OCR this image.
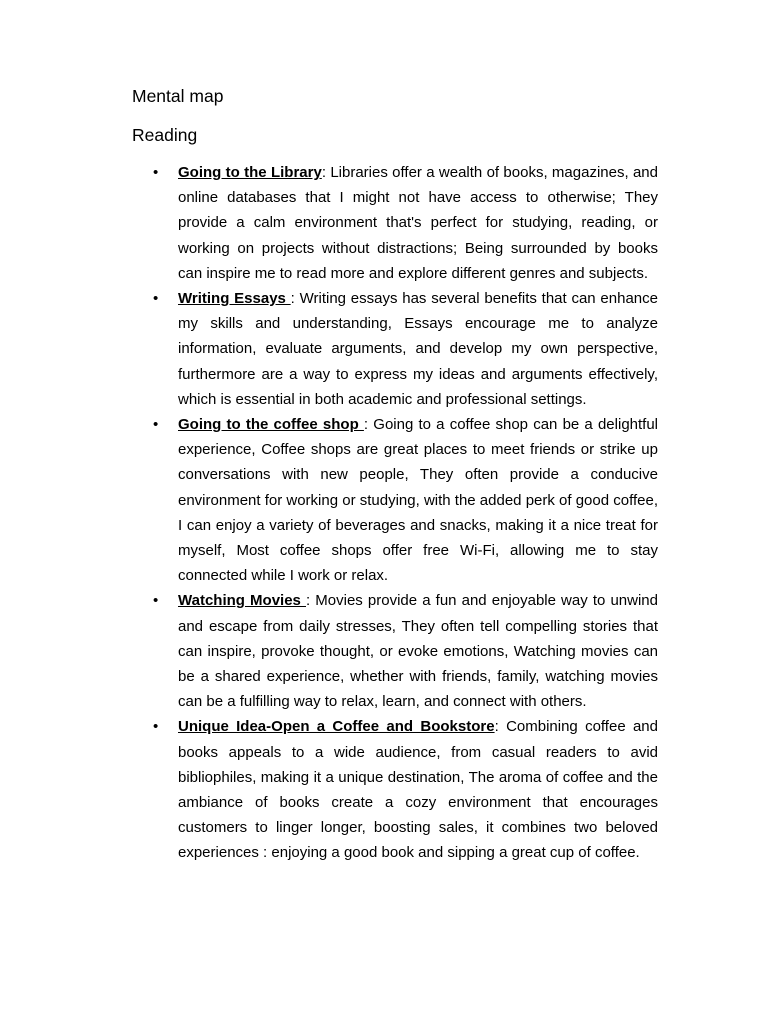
Mental map
Reading
• Going to the Library: Libraries offer a wealth of books, magazines, and online databases that I might not have access to otherwise; They provide a calm environment that's perfect for studying, reading, or working on projects without distractions; Being surrounded by books can inspire me to read more and explore different genres and subjects.
• Writing Essays : Writing essays has several benefits that can enhance my skills and understanding, Essays encourage me to analyze information, evaluate arguments, and develop my own perspective, furthermore are a way to express my ideas and arguments effectively, which is essential in both academic and professional settings.
• Going to the coffee shop : Going to a coffee shop can be a delightful experience, Coffee shops are great places to meet friends or strike up conversations with new people, They often provide a conducive environment for working or studying, with the added perk of good coffee, I can enjoy a variety of beverages and snacks, making it a nice treat for myself, Most coffee shops offer free Wi-Fi, allowing me to stay connected while I work or relax.
• Watching Movies : Movies provide a fun and enjoyable way to unwind and escape from daily stresses, They often tell compelling stories that can inspire, provoke thought, or evoke emotions, Watching movies can be a shared experience, whether with friends, family, watching movies can be a fulfilling way to relax, learn, and connect with others.
• Unique Idea-Open a Coffee and Bookstore: Combining coffee and books appeals to a wide audience, from casual readers to avid bibliophiles, making it a unique destination, The aroma of coffee and the ambiance of books create a cozy environment that encourages customers to linger longer, boosting sales, it combines two beloved experiences : enjoying a good book and sipping a great cup of coffee.
